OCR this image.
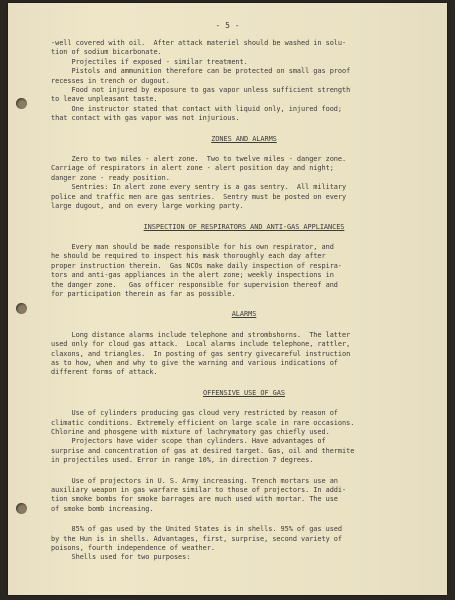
- 5 -
-well covered with oil.  After attack materiel should be washed in solu-
tion of sodium bicarbonate.
Projectiles if exposed - similar treatment.
Pistols and ammunition therefore can be protected on small gas proof
recesses in trench or dugout.
Food not injured by exposure to gas vapor unless sufficient strength
to leave unpleasant taste.
One instructor stated that contact with liquid only, injured food;
that contact with gas vapor was not injurious.
ZONES AND ALARMS
Zero to two miles - alert zone.  Two to twelve miles - danger zone.
Carriage of respirators in alert zone - alert position day and night;
danger zone - ready position.
Sentries: In alert zone every sentry is a gas sentry.  All military
police and traffic men are gas sentries.  Sentry must be posted on every
large dugout, and on every large working party.
INSPECTION OF RESPIRATORS AND ANTI-GAS APPLIANCES
Every man should be made responsible for his own respirator, and
he should be required to inspect his mask thoroughly each day after
proper instruction therein.  Gas NCOs make daily inspection of respira-
tors and anti-gas appliances in the alert zone; weekly inspections in
the danger zone.   Gas officer responsible for supervision thereof and
for participation therein as far as possible.
ALARMS
Long distance alarms include telephone and strombshorns.  The latter
used only for cloud gas attack.  Local alarms include telephone, rattler,
claxons, and triangles.  In posting of gas sentry givecareful instruction
as to how, when and why to give the warning and various indications of
different forms of attack.
OFFENSIVE USE OF GAS
Use of cylinders producing gas cloud very restricted by reason of
climatic conditions. Extremely efficient on large scale in rare occasions.
Chlorine and phosgene with mixture of lachrymatory gas chiefly used.
Projectors have wider scope than cylinders. Have advantages of
surprise and concentration of gas at desired target. Gas, oil and thermite
in projectiles used. Error in range 10%, in direction 7 degrees.
Use of projectors in U. S. Army increasing. Trench mortars use an
auxiliary weapon in gas warfare similar to those of projectors. In addi-
tion smoke bombs for smoke barrages are much used with mortar. The use
of smoke bomb increasing.
85% of gas used by the United States is in shells. 95% of gas used
by the Hun is in shells. Advantages, first, surprise, second variety of
poisons, fourth independence of weather.
Shells used for two purposes:
